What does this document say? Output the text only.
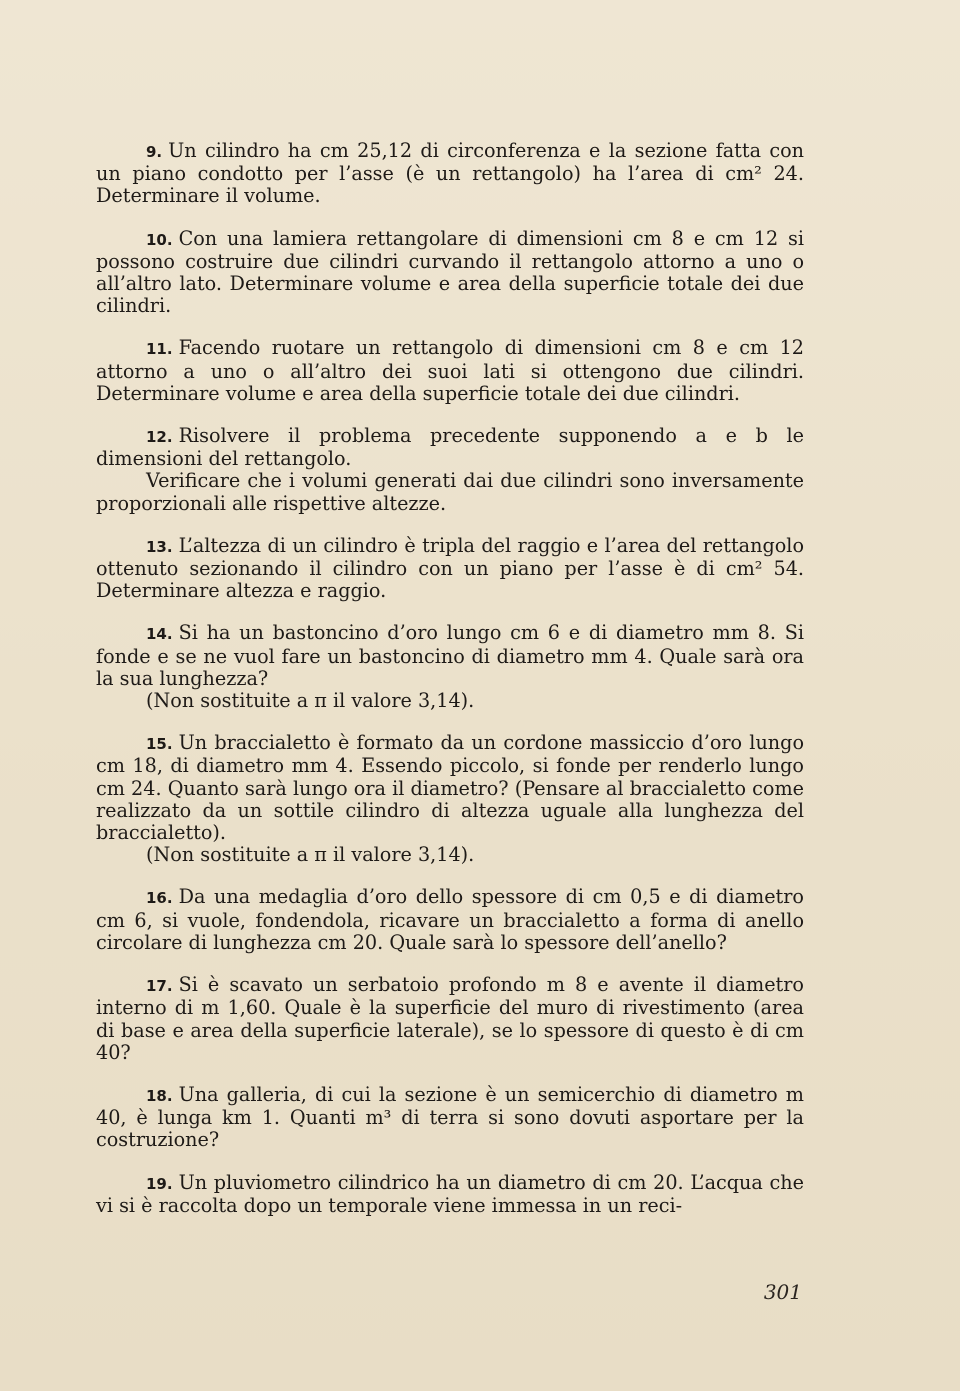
9. Un cilindro ha cm 25,12 di circonferenza e la sezione fatta con un piano condotto per l’asse (è un rettangolo) ha l’area di cm² 24. Determinare il volume.

10. Con una lamiera rettangolare di dimensioni cm 8 e cm 12 si possono costruire due cilindri curvando il rettangolo attorno a uno o all’altro lato. Determinare volume e area della superficie totale dei due cilindri.

11. Facendo ruotare un rettangolo di dimensioni cm 8 e cm 12 attorno a uno o all’altro dei suoi lati si ottengono due cilindri. Determinare volume e area della superficie totale dei due cilindri.

12. Risolvere il problema precedente supponendo a e b le dimensioni del rettangolo.

Verificare che i volumi generati dai due cilindri sono inversamente proporzionali alle rispettive altezze.

13. L’altezza di un cilindro è tripla del raggio e l’area del rettangolo ottenuto sezionando il cilindro con un piano per l’asse è di cm² 54. Determinare altezza e raggio.

14. Si ha un bastoncino d’oro lungo cm 6 e di diametro mm 8. Si fonde e se ne vuol fare un bastoncino di diametro mm 4. Quale sarà ora la sua lunghezza?

(Non sostituite a π il valore 3,14).

15. Un braccialetto è formato da un cordone massiccio d’oro lungo cm 18, di diametro mm 4. Essendo piccolo, si fonde per renderlo lungo cm 24. Quanto sarà lungo ora il diametro? (Pensare al braccialetto come realizzato da un sottile cilindro di altezza uguale alla lunghezza del braccialetto).

(Non sostituite a π il valore 3,14).

16. Da una medaglia d’oro dello spessore di cm 0,5 e di diametro cm 6, si vuole, fondendola, ricavare un braccialetto a forma di anello circolare di lunghezza cm 20. Quale sarà lo spessore dell’anello?

17. Si è scavato un serbatoio profondo m 8 e avente il diametro interno di m 1,60. Quale è la superficie del muro di rivestimento (area di base e area della superficie laterale), se lo spessore di questo è di cm 40?

18. Una galleria, di cui la sezione è un semicerchio di diametro m 40, è lunga km 1. Quanti m³ di terra si sono dovuti asportare per la costruzione?

19. Un pluviometro cilindrico ha un diametro di cm 20. L’acqua che vi si è raccolta dopo un temporale viene immessa in un reci-

301
